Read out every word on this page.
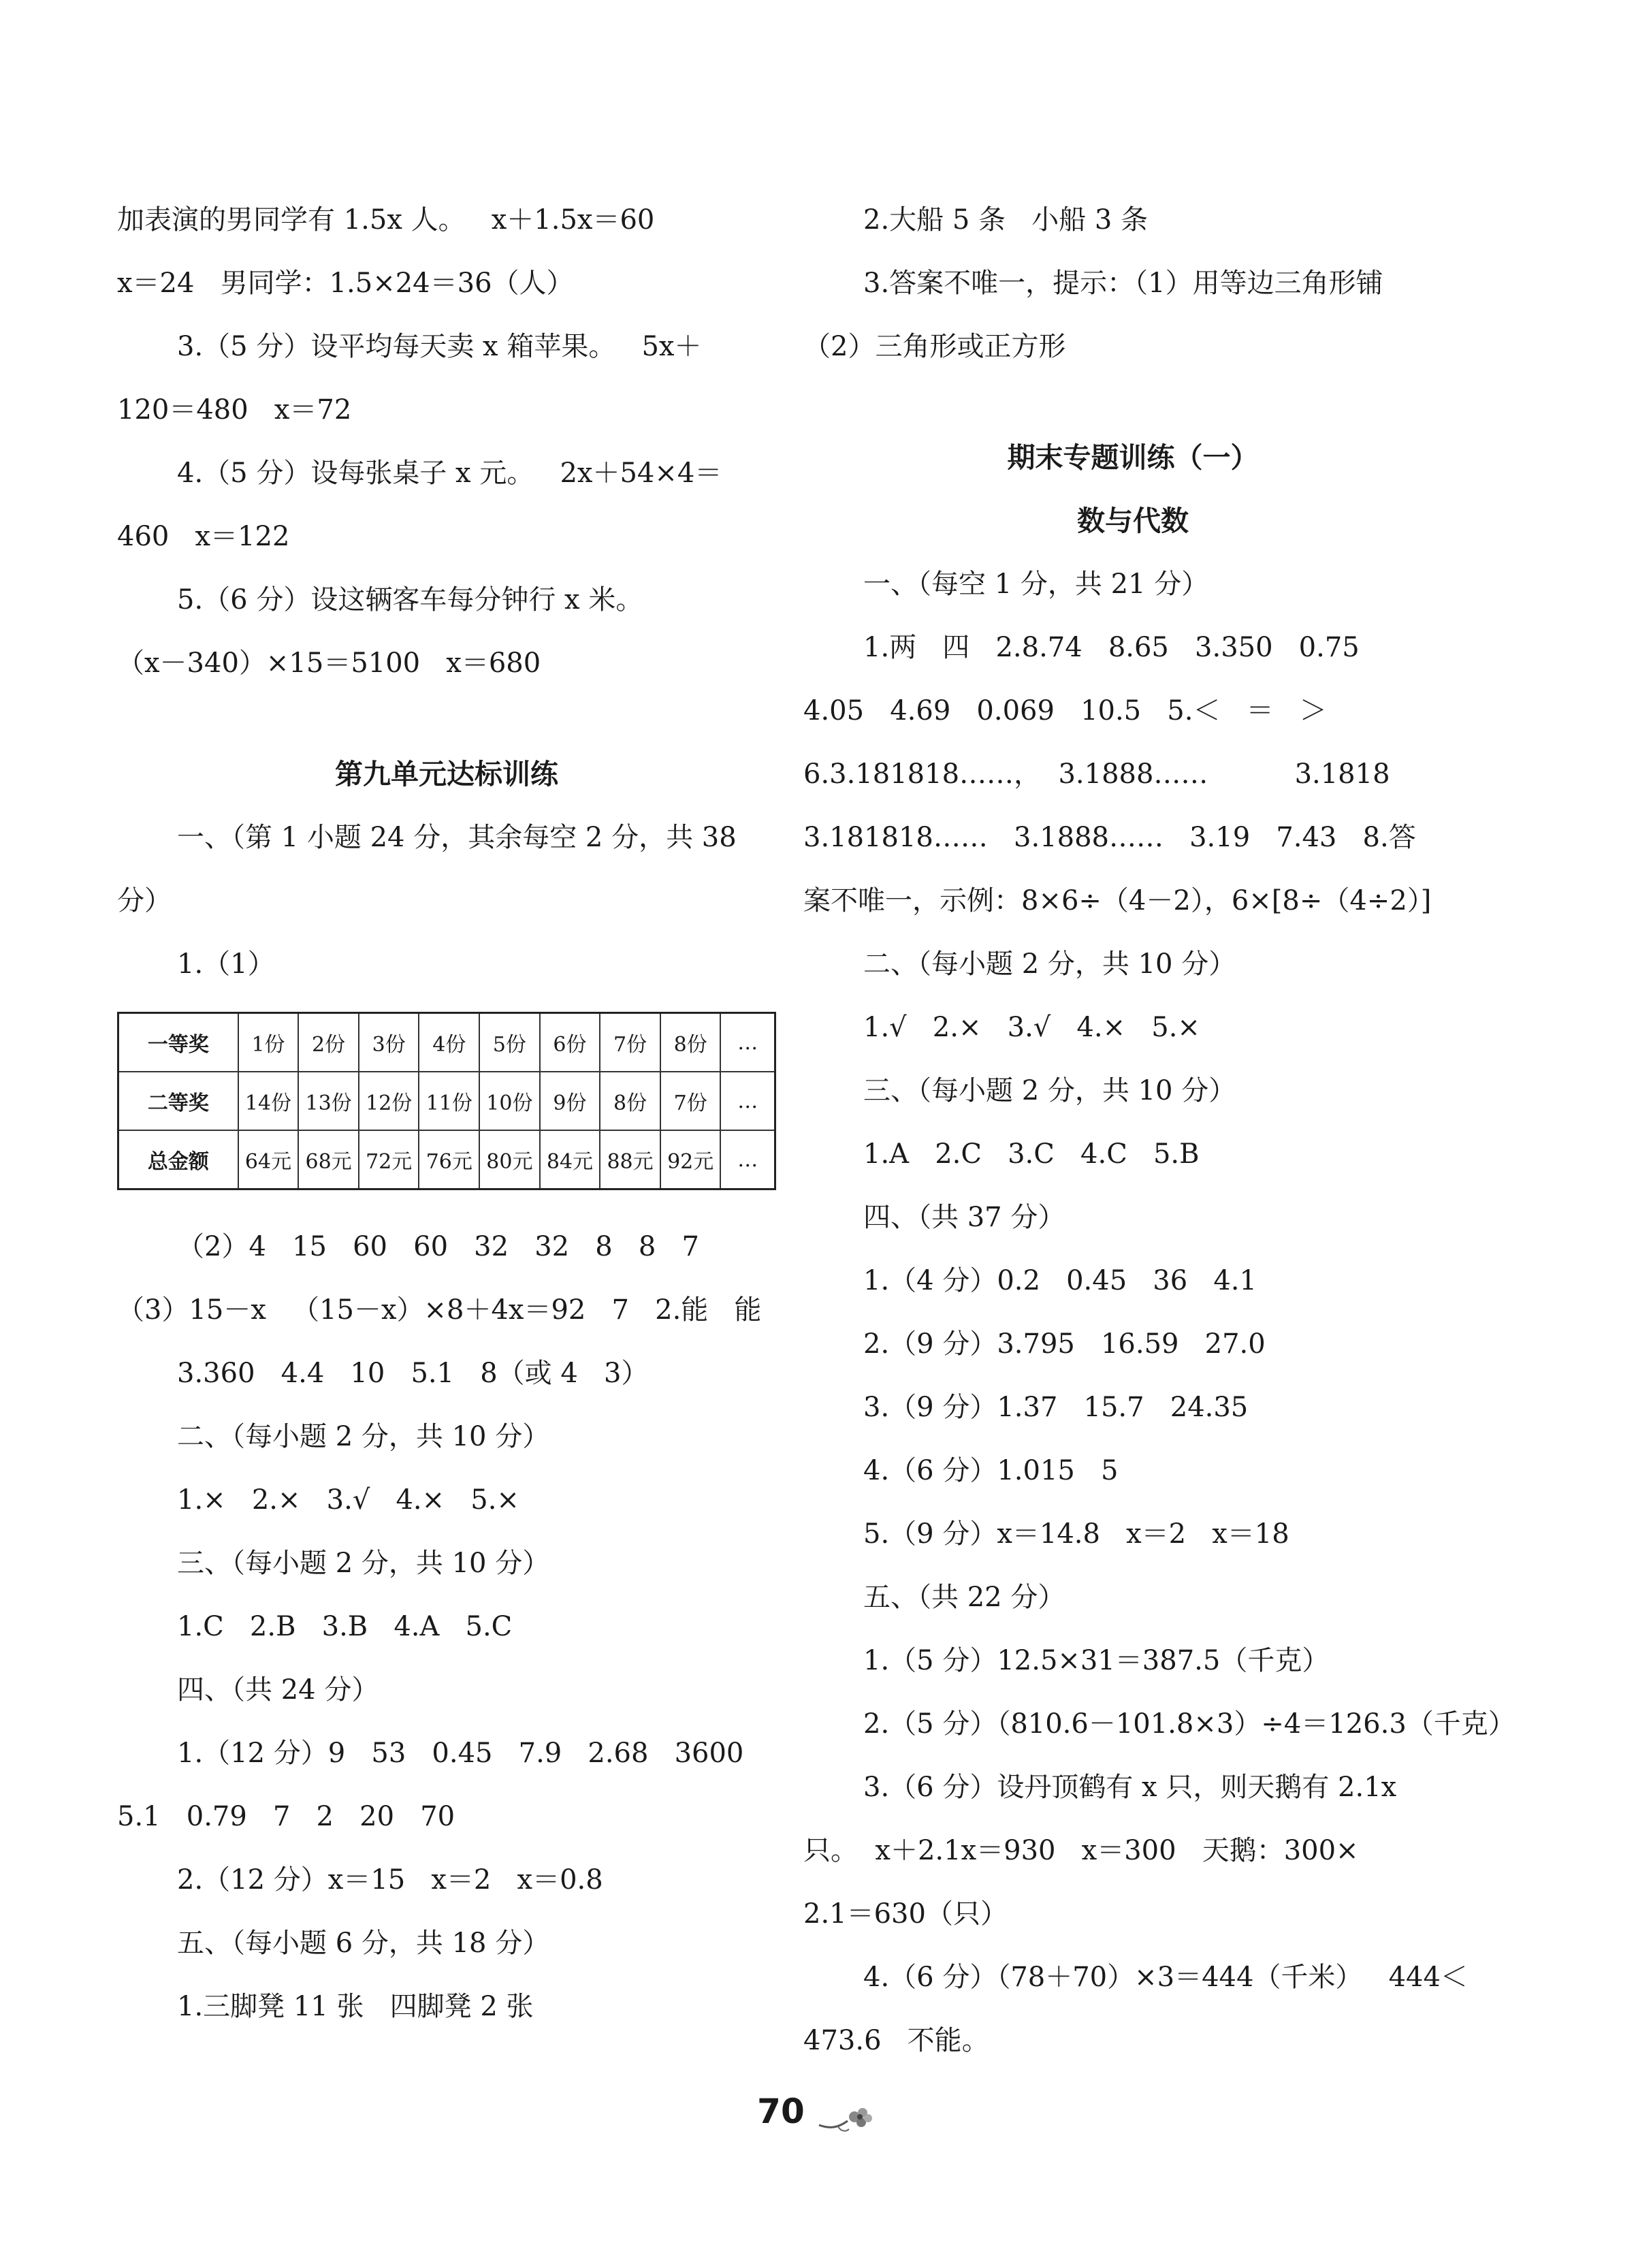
加表演的男同学有 1.5x 人。   x＋1.5x＝60
x＝24   男同学：1.5×24＝36（人）
3.（5 分）设平均每天卖 x 箱苹果。   5x＋
120＝480   x＝72
4.（5 分）设每张桌子 x 元。   2x＋54×4＝
460   x＝122
5.（6 分）设这辆客车每分钟行 x 米。
（x－340）×15＝5100   x＝680
第九单元达标训练
一、（第 1 小题 24 分，其余每空 2 分，共 38
分）
1.（1）
一等奖	1份	2份	3份	4份	5份	6份	7份	8份	…
二等奖	14份	13份	12份	11份	10份	9份	8份	7份	…
总金额	64元	68元	72元	76元	80元	84元	88元	92元	…
（2）4   15   60   60   32   32   8   8   7
（3）15－x   （15－x）×8＋4x＝92   7   2.能   能
3.360   4.4   10   5.1   8（或 4   3）
二、（每小题 2 分，共 10 分）
1.×   2.×   3.√   4.×   5.×
三、（每小题 2 分，共 10 分）
1.C   2.B   3.B   4.A   5.C
四、（共 24 分）
1.（12 分）9   53   0.45   7.9   2.68   3600
5.1   0.79   7   2   20   70
2.（12 分）x＝15   x＝2   x＝0.8
五、（每小题 6 分，共 18 分）
1.三脚凳 11 张   四脚凳 2 张
2.大船 5 条   小船 3 条
3.答案不唯一，提示：（1）用等边三角形铺
（2）三角形或正方形
期末专题训练（一）
数与代数
一、（每空 1 分，共 21 分）
1.两   四   2.8.74   8.65   3.350   0.75
4.05   4.69   0.069   10.5   5.＜   ＝   ＞
6.3.181818……，  3.1888……          3.1818
3.181818……   3.1888……   3.19   7.43   8.答
案不唯一，示例：8×6÷（4－2），6×[8÷（4÷2）]
二、（每小题 2 分，共 10 分）
1.√   2.×   3.√   4.×   5.×
三、（每小题 2 分，共 10 分）
1.A   2.C   3.C   4.C   5.B
四、（共 37 分）
1.（4 分）0.2   0.45   36   4.1
2.（9 分）3.795   16.59   27.0
3.（9 分）1.37   15.7   24.35
4.（6 分）1.015   5
5.（9 分）x＝14.8   x＝2   x＝18
五、（共 22 分）
1.（5 分）12.5×31＝387.5（千克）
2.（5 分）（810.6－101.8×3）÷4＝126.3（千克）
3.（6 分）设丹顶鹤有 x 只，则天鹅有 2.1x
只。  x＋2.1x＝930   x＝300   天鹅：300×
2.1＝630（只）
4.（6 分）（78＋70）×3＝444（千米）   444＜
473.6   不能。
70
